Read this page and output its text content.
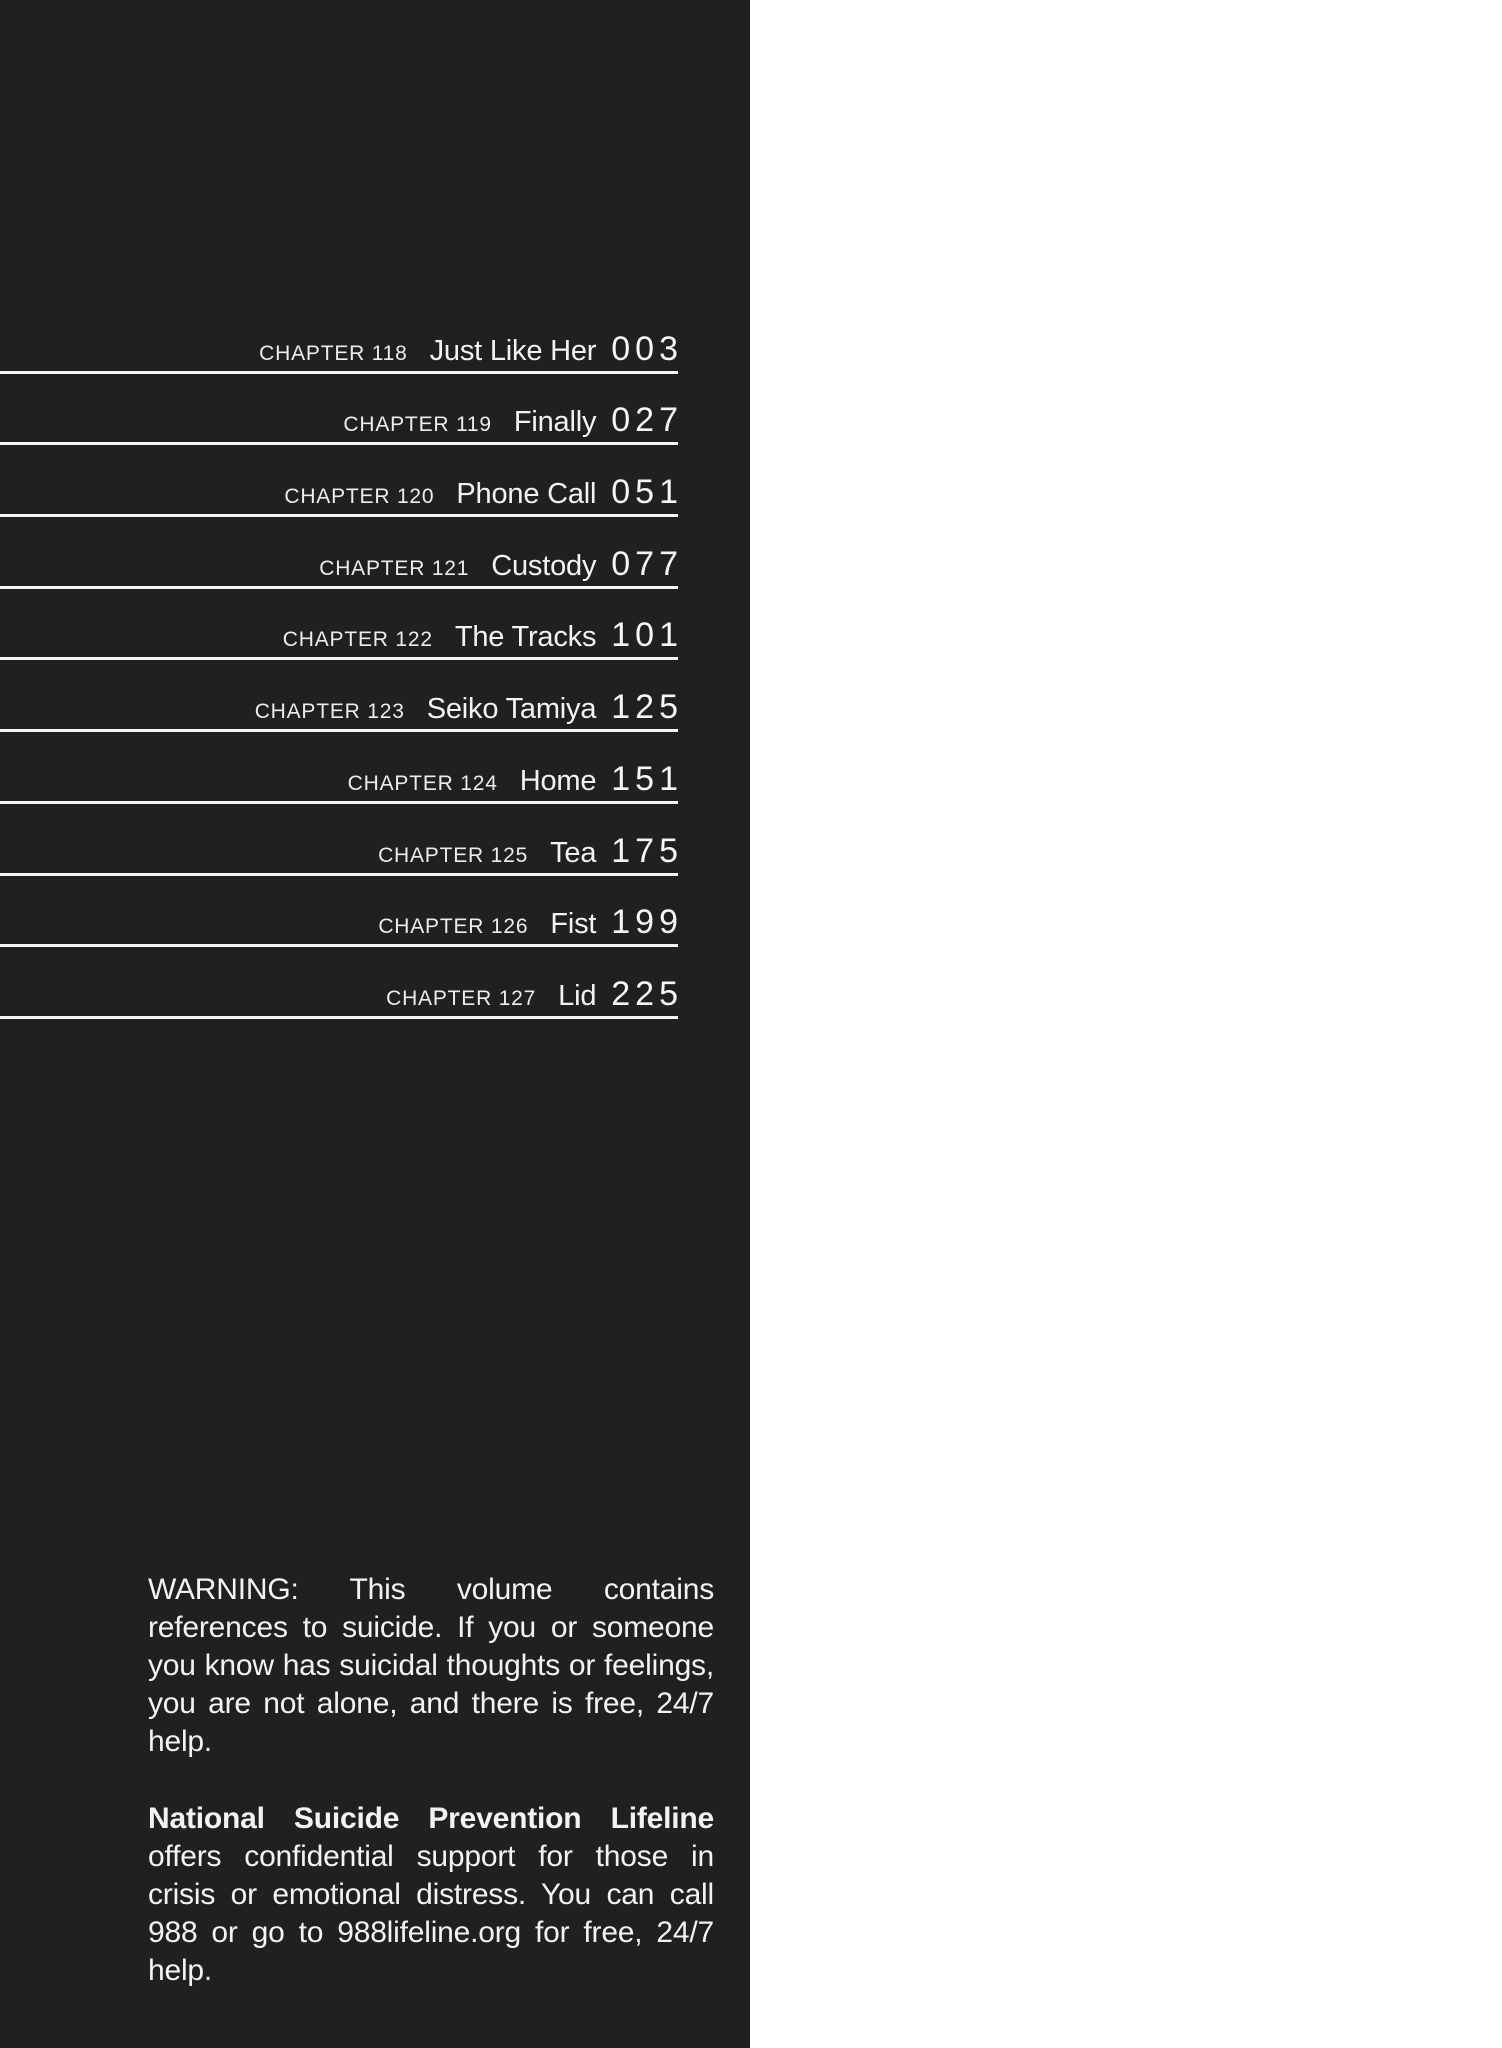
CHAPTER 118 Just Like Her 003
CHAPTER 119 Finally 027
CHAPTER 120 Phone Call 051
CHAPTER 121 Custody 077
CHAPTER 122 The Tracks 101
CHAPTER 123 Seiko Tamiya 125
CHAPTER 124 Home 151
CHAPTER 125 Tea 175
CHAPTER 126 Fist 199
CHAPTER 127 Lid 225

WARNING: This volume contains references to suicide. If you or someone you know has suicidal thoughts or feelings, you are not alone, and there is free, 24/7 help.

National Suicide Prevention Lifeline offers confidential support for those in crisis or emotional distress. You can call 988 or go to 988lifeline.org for free, 24/7 help.
